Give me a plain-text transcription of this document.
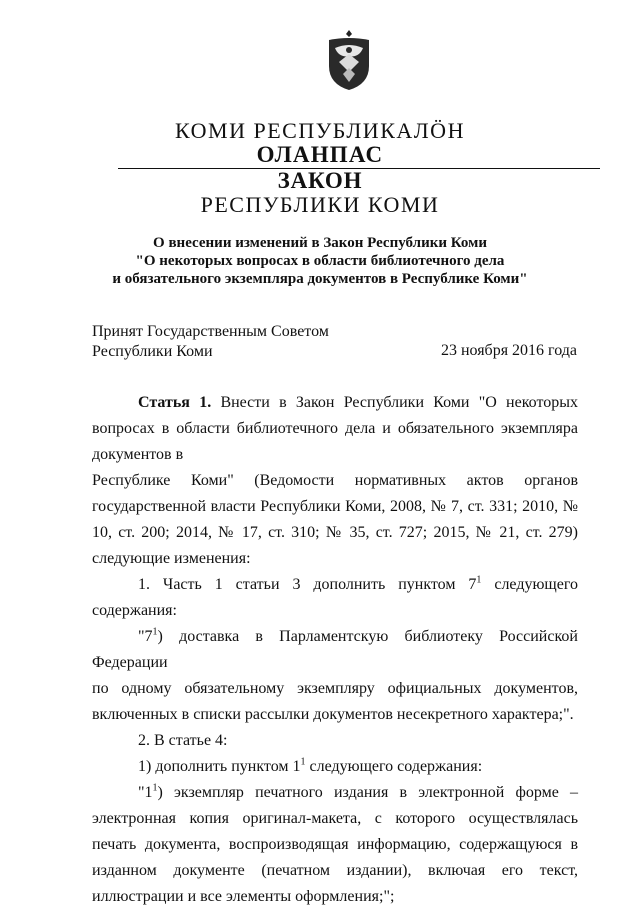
КОМИ РЕСПУБЛИКАЛӦН
ОЛАНПАС
ЗАКОН
РЕСПУБЛИКИ КОМИ
О внесении изменений в Закон Республики Коми
"О некоторых вопросах в области библиотечного дела
и обязательного экземпляра документов в Республике Коми"
Принят Государственным Советом
Республики Коми	23 ноября 2016 года

Статья 1. Внести в Закон Республики Коми "О некоторых вопросах в области библиотечного дела и обязательного экземпляра документов в

Республике Коми" (Ведомости нормативных актов органов

государственной власти Республики Коми, 2008, № 7, ст. 331; 2010, № 10, ст. 200; 2014, № 17, ст. 310; № 35, ст. 727; 2015, № 21, ст. 279) следующие изменения:

1. Часть 1 статьи 3 дополнить пунктом $7^1$ следующего содержания:

"$7^1$) доставка в Парламентскую библиотеку Российской Федерации

по одному обязательному экземпляру официальных документов,

включенных в списки рассылки документов несекретного характера;".

2. В статье 4:

1) дополнить пунктом $1^1$ следующего содержания:

"$1^1$) экземпляр печатного издания в электронной форме – электронная копия оригинал-макета, с которого осуществлялась печать документа, воспроизводящая информацию, содержащуюся в изданном документе (печатном издании), включая его текст, иллюстрации и все элементы оформления;";
